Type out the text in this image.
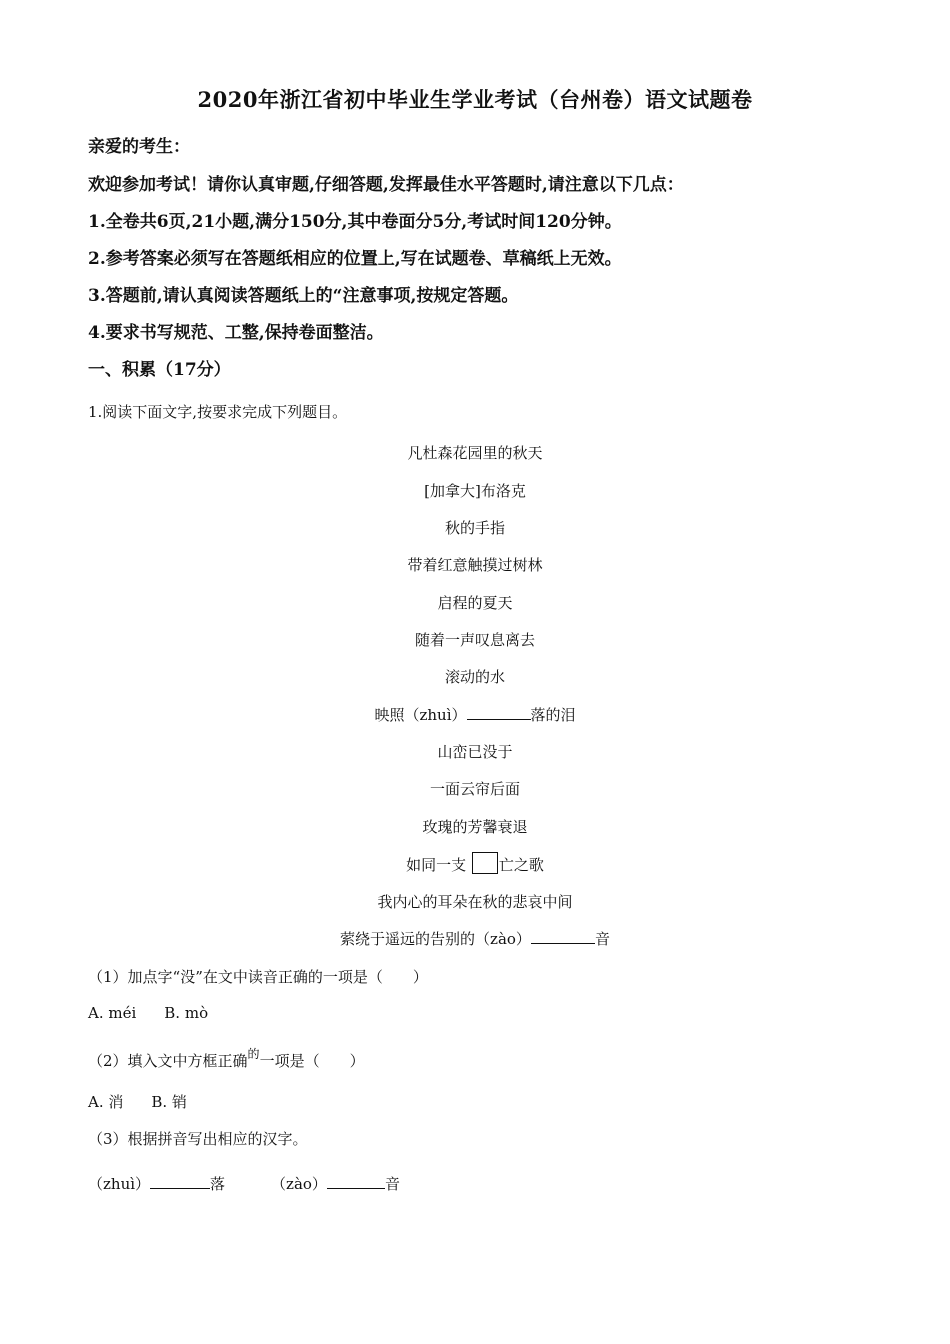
2020年浙江省初中毕业生学业考试（台州卷）语文试题卷
亲爱的考生：
欢迎参加考试！请你认真审题,仔细答题,发挥最佳水平答题时,请注意以下几点：
1.全卷共6页,21小题,满分150分,其中卷面分5分,考试时间120分钟。
2.参考答案必须写在答题纸相应的位置上,写在试题卷、草稿纸上无效。
3.答题前,请认真阅读答题纸上的“注意事项,按规定答题。
4.要求书写规范、工整,保持卷面整洁。
一、积累（17分）
1.阅读下面文字,按要求完成下列题目。
凡杜森花园里的秋天
[加拿大]布洛克
秋的手指
带着红意触摸过树林
启程的夏天
随着一声叹息离去
滚动的水
映照（zhuì）	落的泪
山峦已没于
一面云帘后面
玫瑰的芳馨衰退
如同一支 亡之歌
我内心的耳朵在秋的悲哀中间
萦绕于遥远的告别的（zào）	音
（1）加点字“没”在文中读音正确的一项是（　　）
A. méi B. mò
（2）填入文中方框正确$^的$一项是（　　）
A. 消 B. 销
（3）根据拼音写出相应的汉字。
（zhuì）	落	（zào）	音
